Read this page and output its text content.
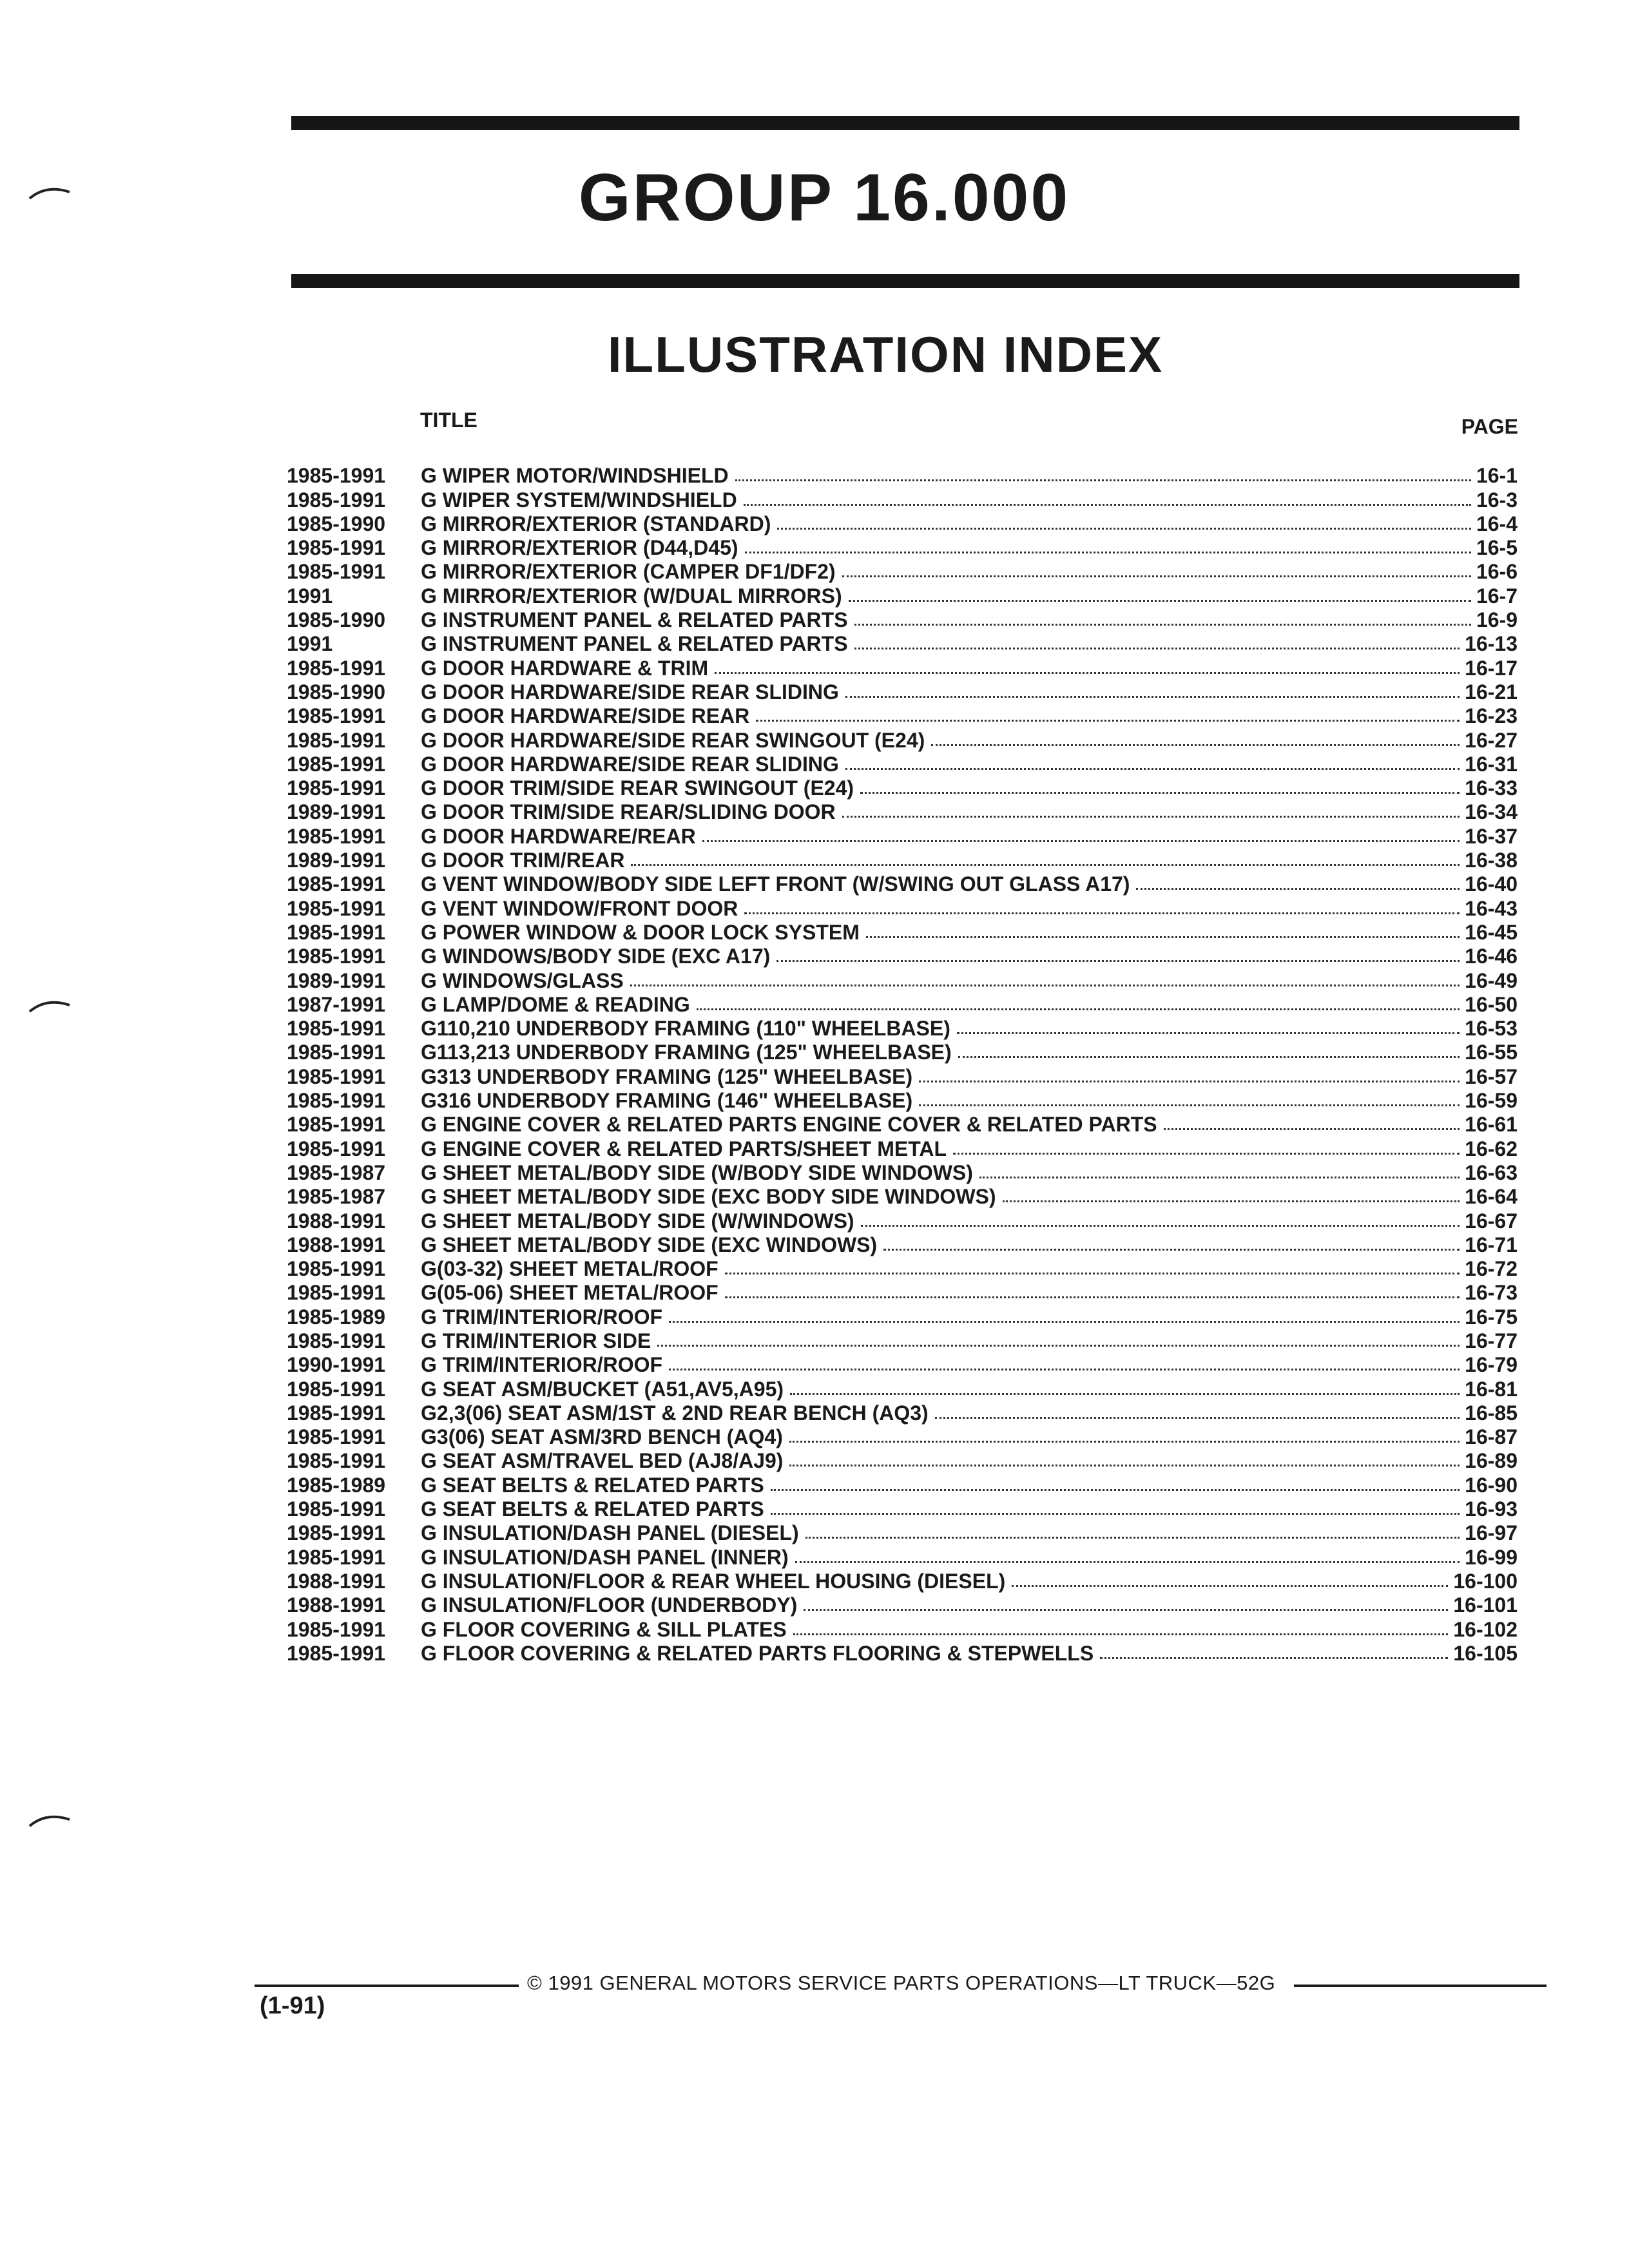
GROUP 16.000
ILLUSTRATION INDEX
TITLE	PAGE
1985-1991	G WIPER MOTOR/WINDSHIELD	16-1
1985-1991	G WIPER SYSTEM/WINDSHIELD	16-3
1985-1990	G MIRROR/EXTERIOR (STANDARD)	16-4
1985-1991	G MIRROR/EXTERIOR (D44,D45)	16-5
1985-1991	G MIRROR/EXTERIOR (CAMPER DF1/DF2)	16-6
1991	G MIRROR/EXTERIOR (W/DUAL MIRRORS)	16-7
1985-1990	G INSTRUMENT PANEL & RELATED PARTS	16-9
1991	G INSTRUMENT PANEL & RELATED PARTS	16-13
1985-1991	G DOOR HARDWARE & TRIM	16-17
1985-1990	G DOOR HARDWARE/SIDE REAR SLIDING	16-21
1985-1991	G DOOR HARDWARE/SIDE REAR	16-23
1985-1991	G DOOR HARDWARE/SIDE REAR SWINGOUT (E24)	16-27
1985-1991	G DOOR HARDWARE/SIDE REAR SLIDING	16-31
1985-1991	G DOOR TRIM/SIDE REAR SWINGOUT (E24)	16-33
1989-1991	G DOOR TRIM/SIDE REAR/SLIDING DOOR	16-34
1985-1991	G DOOR HARDWARE/REAR	16-37
1989-1991	G DOOR TRIM/REAR	16-38
1985-1991	G VENT WINDOW/BODY SIDE LEFT FRONT (W/SWING OUT GLASS A17)	16-40
1985-1991	G VENT WINDOW/FRONT DOOR	16-43
1985-1991	G POWER WINDOW & DOOR LOCK SYSTEM	16-45
1985-1991	G WINDOWS/BODY SIDE (EXC A17)	16-46
1989-1991	G WINDOWS/GLASS	16-49
1987-1991	G LAMP/DOME & READING	16-50
1985-1991	G110,210 UNDERBODY FRAMING (110" WHEELBASE)	16-53
1985-1991	G113,213 UNDERBODY FRAMING (125" WHEELBASE)	16-55
1985-1991	G313 UNDERBODY FRAMING (125" WHEELBASE)	16-57
1985-1991	G316 UNDERBODY FRAMING (146" WHEELBASE)	16-59
1985-1991	G ENGINE COVER & RELATED PARTS ENGINE COVER & RELATED PARTS	16-61
1985-1991	G ENGINE COVER & RELATED PARTS/SHEET METAL	16-62
1985-1987	G SHEET METAL/BODY SIDE (W/BODY SIDE WINDOWS)	16-63
1985-1987	G SHEET METAL/BODY SIDE (EXC BODY SIDE WINDOWS)	16-64
1988-1991	G SHEET METAL/BODY SIDE (W/WINDOWS)	16-67
1988-1991	G SHEET METAL/BODY SIDE (EXC WINDOWS)	16-71
1985-1991	G(03-32) SHEET METAL/ROOF	16-72
1985-1991	G(05-06) SHEET METAL/ROOF	16-73
1985-1989	G TRIM/INTERIOR/ROOF	16-75
1985-1991	G TRIM/INTERIOR SIDE	16-77
1990-1991	G TRIM/INTERIOR/ROOF	16-79
1985-1991	G SEAT ASM/BUCKET (A51,AV5,A95)	16-81
1985-1991	G2,3(06) SEAT ASM/1ST & 2ND REAR BENCH (AQ3)	16-85
1985-1991	G3(06) SEAT ASM/3RD BENCH (AQ4)	16-87
1985-1991	G SEAT ASM/TRAVEL BED (AJ8/AJ9)	16-89
1985-1989	G SEAT BELTS & RELATED PARTS	16-90
1985-1991	G SEAT BELTS & RELATED PARTS	16-93
1985-1991	G INSULATION/DASH PANEL (DIESEL)	16-97
1985-1991	G INSULATION/DASH PANEL (INNER)	16-99
1988-1991	G INSULATION/FLOOR & REAR WHEEL HOUSING (DIESEL)	16-100
1988-1991	G INSULATION/FLOOR (UNDERBODY)	16-101
1985-1991	G FLOOR COVERING & SILL PLATES	16-102
1985-1991	G FLOOR COVERING & RELATED PARTS FLOORING & STEPWELLS	16-105
© 1991 GENERAL MOTORS SERVICE PARTS OPERATIONS—LT TRUCK—52G
(1-91)
